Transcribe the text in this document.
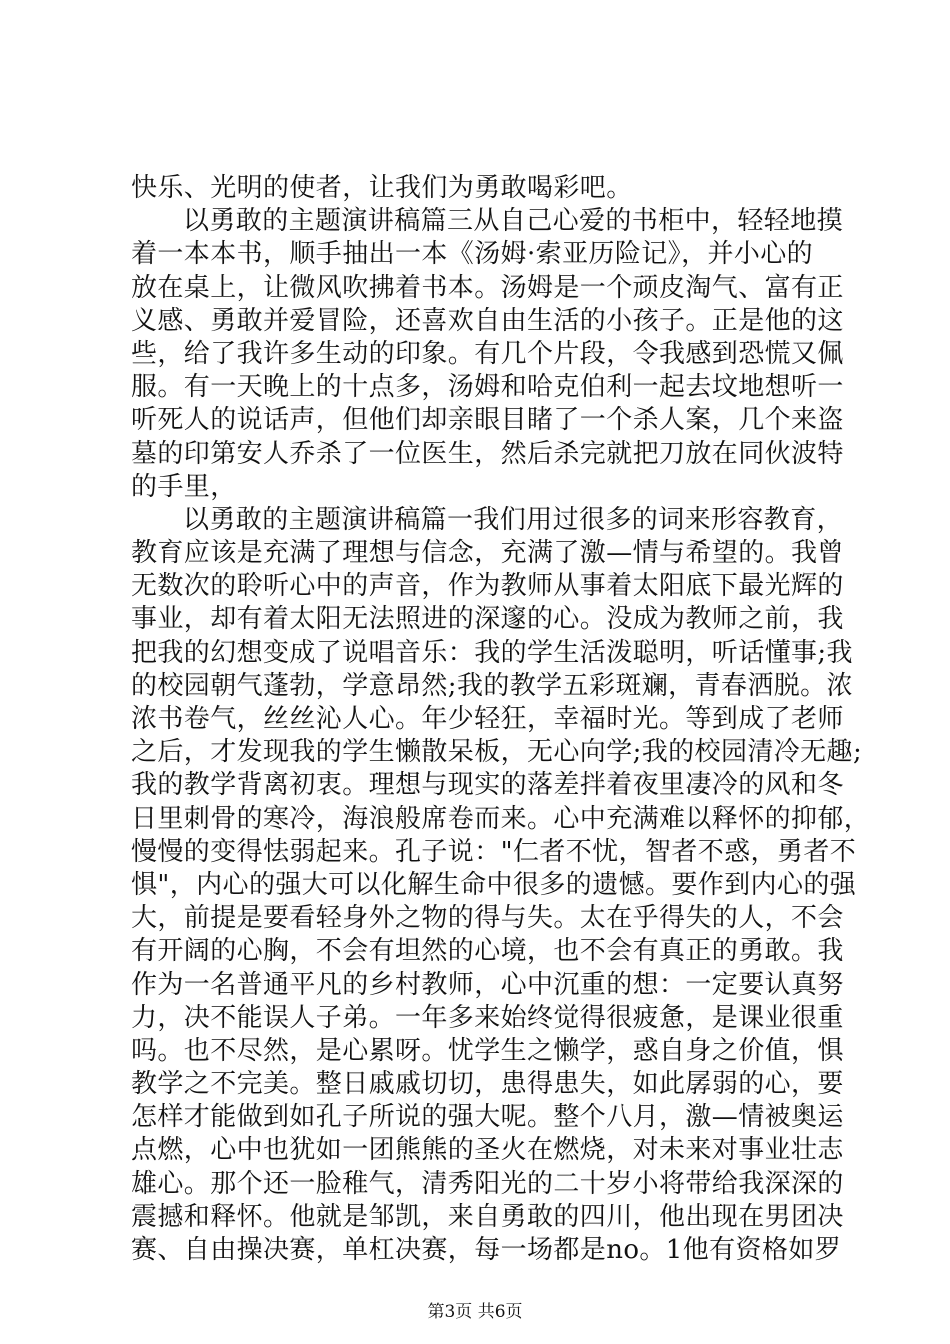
快乐、光明的使者，让我们为勇敢喝彩吧。
以勇敢的主题演讲稿篇三从自己心爱的书柜中，轻轻地摸
着一本本书，顺手抽出一本《汤姆·索亚历险记》，并小心的
放在桌上，让微风吹拂着书本。汤姆是一个顽皮淘气、富有正
义感、勇敢并爱冒险，还喜欢自由生活的小孩子。正是他的这
些，给了我许多生动的印象。有几个片段，令我感到恐慌又佩
服。有一天晚上的十点多，汤姆和哈克伯利一起去坟地想听一
听死人的说话声，但他们却亲眼目睹了一个杀人案，几个来盗
墓的印第安人乔杀了一位医生，然后杀完就把刀放在同伙波特
的手里，
以勇敢的主题演讲稿篇一我们用过很多的词来形容教育，
教育应该是充满了理想与信念，充满了激—情与希望的。我曾
无数次的聆听心中的声音，作为教师从事着太阳底下最光辉的
事业，却有着太阳无法照进的深邃的心。没成为教师之前，我
把我的幻想变成了说唱音乐：我的学生活泼聪明，听话懂事;我
的校园朝气蓬勃，学意昂然;我的教学五彩斑斓，青春洒脱。浓
浓书卷气，丝丝沁人心。年少轻狂，幸福时光。等到成了老师
之后，才发现我的学生懒散呆板，无心向学;我的校园清冷无趣;
我的教学背离初衷。理想与现实的落差拌着夜里凄冷的风和冬
日里刺骨的寒冷，海浪般席卷而来。心中充满难以释怀的抑郁，
慢慢的变得怯弱起来。孔子说："仁者不忧，智者不惑，勇者不
惧"，内心的强大可以化解生命中很多的遗憾。要作到内心的强
大，前提是要看轻身外之物的得与失。太在乎得失的人，不会
有开阔的心胸，不会有坦然的心境，也不会有真正的勇敢。我
作为一名普通平凡的乡村教师，心中沉重的想：一定要认真努
力，决不能误人子弟。一年多来始终觉得很疲惫，是课业很重
吗。也不尽然，是心累呀。忧学生之懒学，惑自身之价值，惧
教学之不完美。整日戚戚切切，患得患失，如此孱弱的心，要
怎样才能做到如孔子所说的强大呢。整个八月，激—情被奥运
点燃，心中也犹如一团熊熊的圣火在燃烧，对未来对事业壮志
雄心。那个还一脸稚气，清秀阳光的二十岁小将带给我深深的
震撼和释怀。他就是邹凯，来自勇敢的四川，他出现在男团决
赛、自由操决赛，单杠决赛，每一场都是no。1他有资格如罗
第3页 共6页
